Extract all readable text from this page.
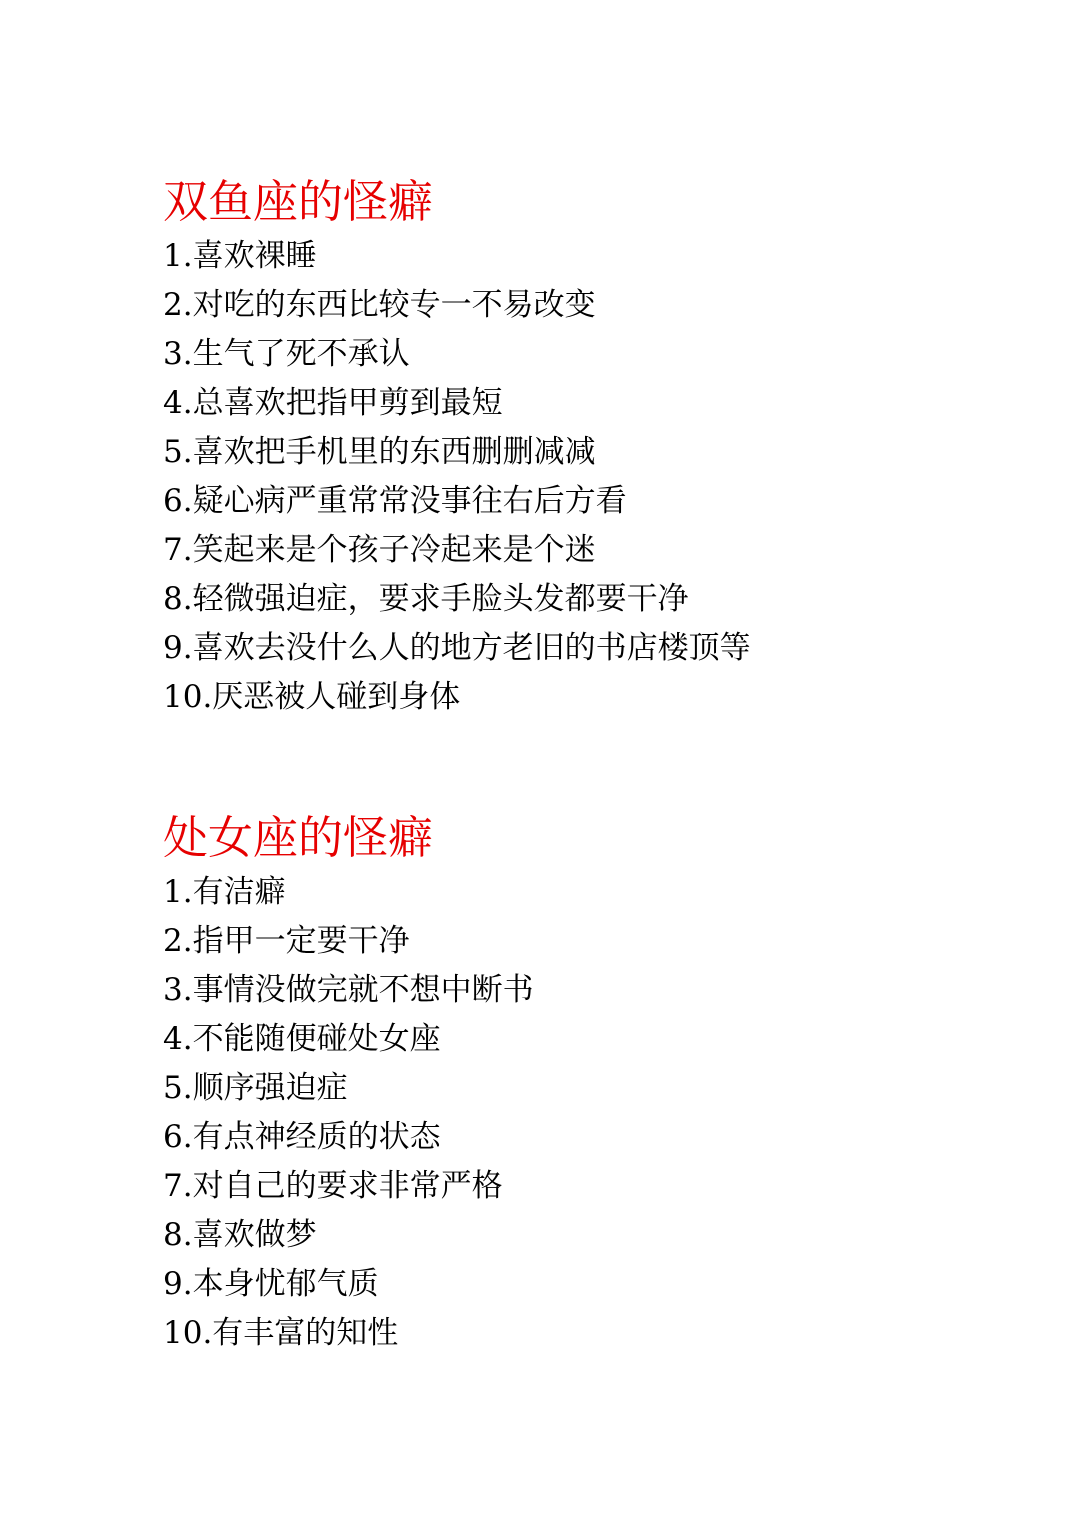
双鱼座的怪癖
1.喜欢裸睡
2.对吃的东西比较专一不易改变
3.生气了死不承认
4.总喜欢把指甲剪到最短
5.喜欢把手机里的东西删删减减
6.疑心病严重常常没事往右后方看
7.笑起来是个孩子冷起来是个迷
8.轻微强迫症，要求手脸头发都要干净
9.喜欢去没什么人的地方老旧的书店楼顶等
10.厌恶被人碰到身体
处女座的怪癖
1.有洁癖
2.指甲一定要干净
3.事情没做完就不想中断书
4.不能随便碰处女座
5.顺序强迫症
6.有点神经质的状态
7.对自己的要求非常严格
8.喜欢做梦
9.本身忧郁气质
10.有丰富的知性
